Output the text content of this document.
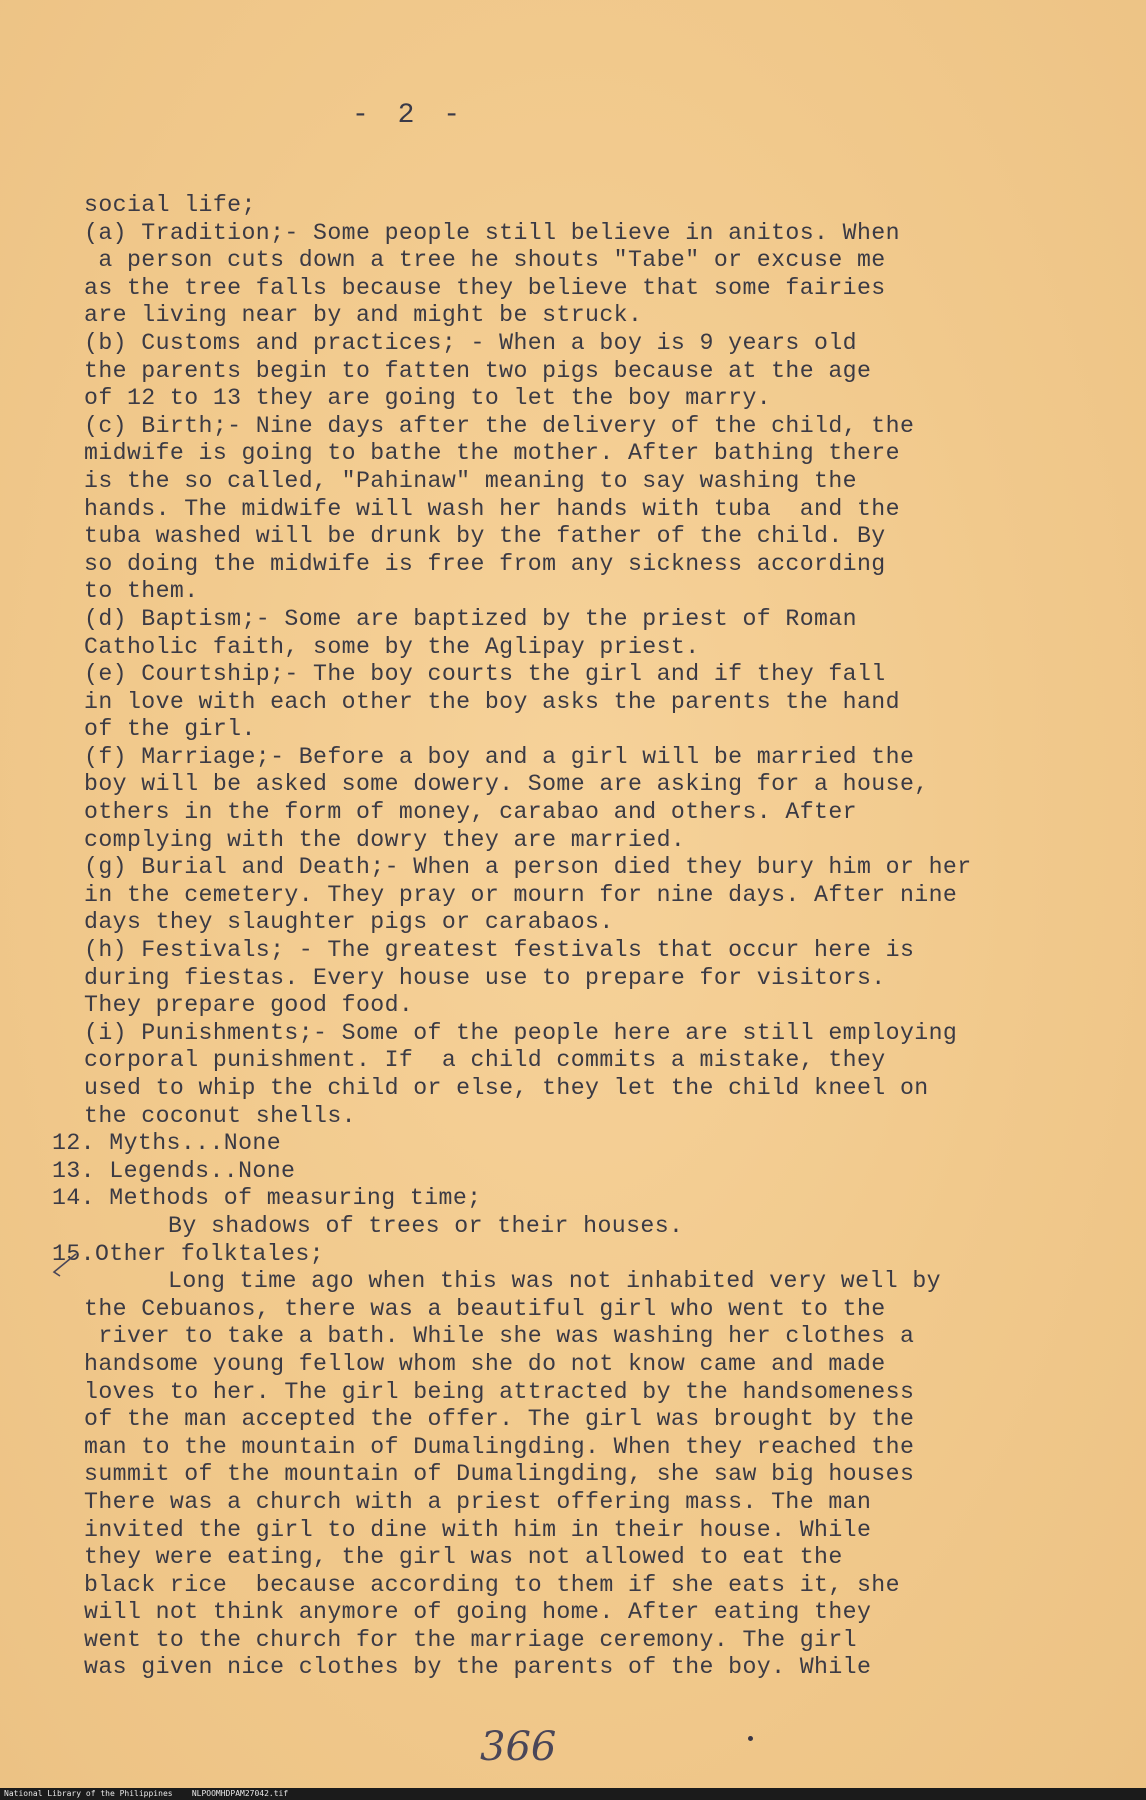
- 2 -
social life;
(a) Tradition;- Some people still believe in anitos. When
a person cuts down a tree he shouts "Tabe" or excuse me
as the tree falls because they believe that some fairies
are living near by and might be struck.
(b) Customs and practices; - When a boy is 9 years old
the parents begin to fatten two pigs because at the age
of 12 to 13 they are going to let the boy marry.
(c) Birth;- Nine days after the delivery of the child, the
midwife is going to bathe the mother. After bathing there
is the so called, "Pahinaw" meaning to say washing the
hands. The midwife will wash her hands with tuba  and the
tuba washed will be drunk by the father of the child. By
so doing the midwife is free from any sickness according
to them.
(d) Baptism;- Some are baptized by the priest of Roman
Catholic faith, some by the Aglipay priest.
(e) Courtship;- The boy courts the girl and if they fall
in love with each other the boy asks the parents the hand
of the girl.
(f) Marriage;- Before a boy and a girl will be married the
boy will be asked some dowery. Some are asking for a house,
others in the form of money, carabao and others. After
complying with the dowry they are married.
(g) Burial and Death;- When a person died they bury him or her
in the cemetery. They pray or mourn for nine days. After nine
days they slaughter pigs or carabaos.
(h) Festivals; - The greatest festivals that occur here is
during fiestas. Every house use to prepare for visitors.
They prepare good food.
(i) Punishments;- Some of the people here are still employing
corporal punishment. If  a child commits a mistake, they
used to whip the child or else, they let the child kneel on
the coconut shells.
12. Myths...None
13. Legends..None
14. Methods of measuring time;
By shadows of trees or their houses.
15.Other folktales;
Long time ago when this was not inhabited very well by
the Cebuanos, there was a beautiful girl who went to the
river to take a bath. While she was washing her clothes a
handsome young fellow whom she do not know came and made
loves to her. The girl being attracted by the handsomeness
of the man accepted the offer. The girl was brought by the
man to the mountain of Dumalingding. When they reached the
summit of the mountain of Dumalingding, she saw big houses
There was a church with a priest offering mass. The man
invited the girl to dine with him in their house. While
they were eating, the girl was not allowed to eat the
black rice  because according to them if she eats it, she
will not think anymore of going home. After eating they
went to the church for the marriage ceremony. The girl
was given nice clothes by the parents of the boy. While
366
National Library of the Philippines    NLPOOMHDPAM27042.tif
